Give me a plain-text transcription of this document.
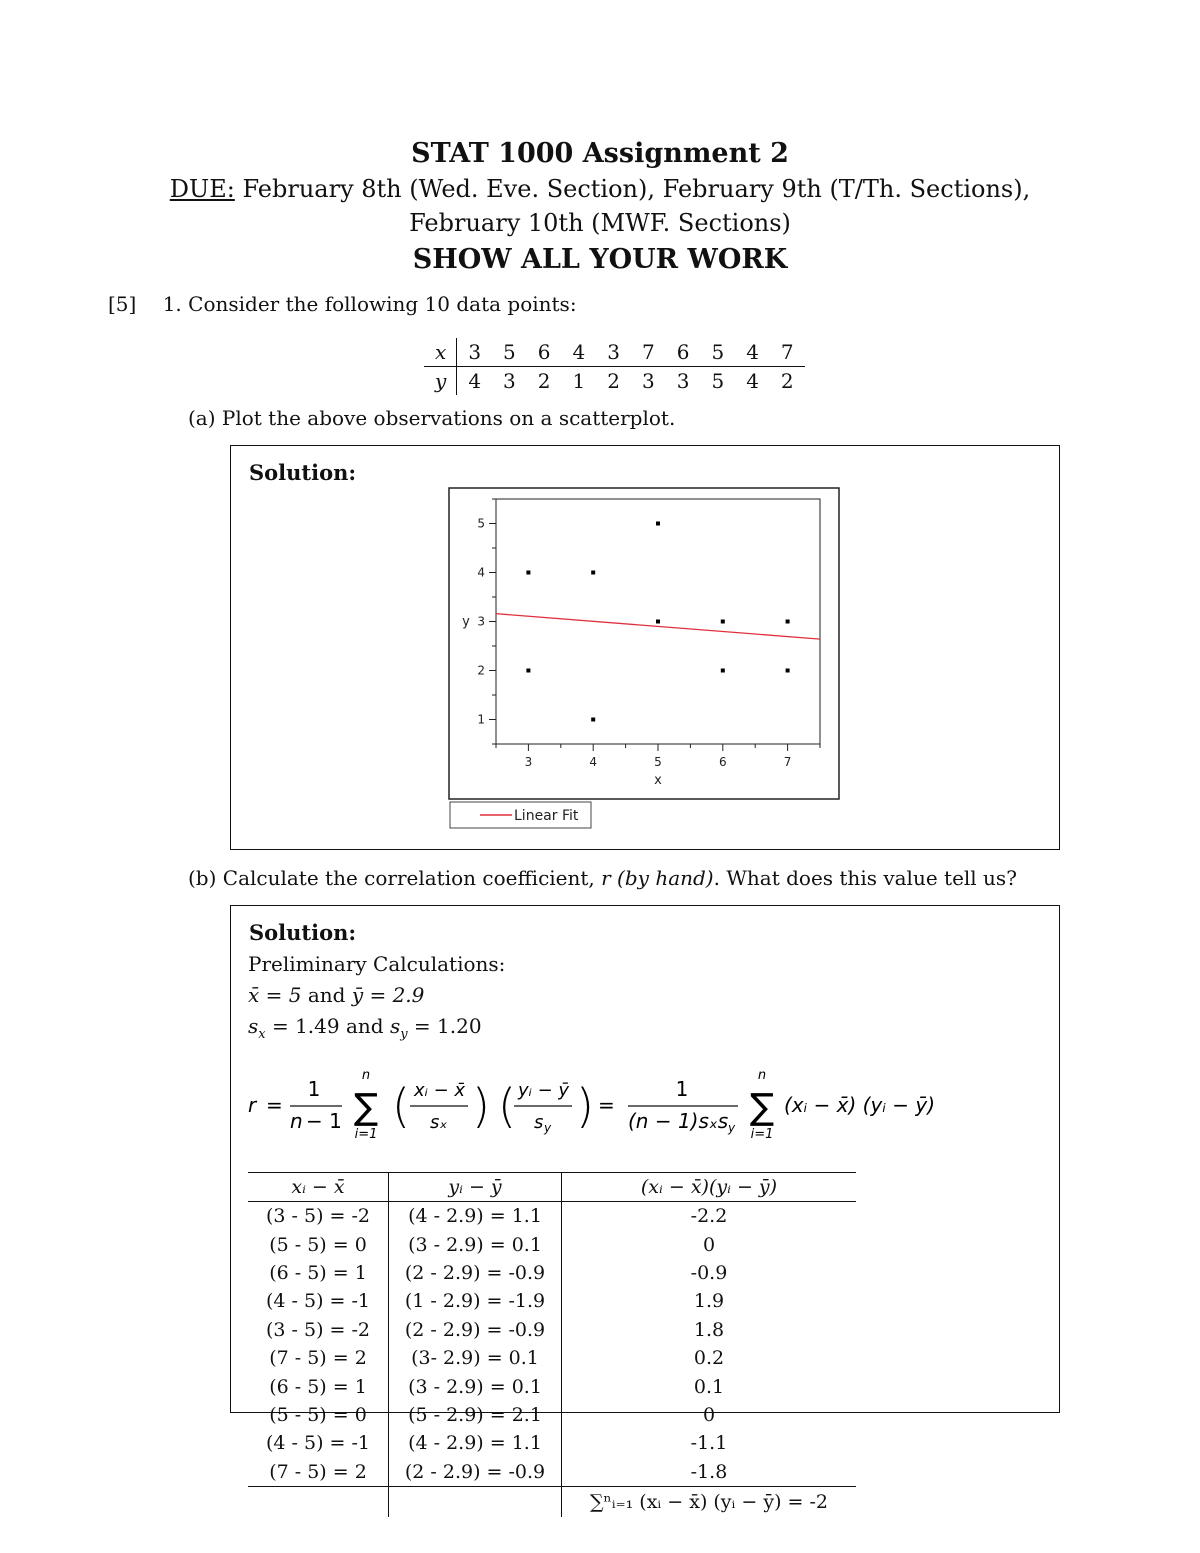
STAT 1000 Assignment 2
DUE: February 8th (Wed. Eve. Section), February 9th (T/Th. Sections),
February 10th (MWF. Sections)
SHOW ALL YOUR WORK
[5] 1. Consider the following 10 data points:
x	3	5	6	4	3	7	6	5	4	7
y	4	3	2	1	2	3	3	5	4	2
(a) Plot the above observations on a scatterplot.
Solution:
1
2
3
4
5
3	4	5	6	7
x
y
Linear Fit
(b) Calculate the correlation coefficient, r (by hand). What does this value tell us?
Solution:
Preliminary Calculations:
x̄ = 5 and ȳ = 2.9
$s_x = 1.49$ and $s_y = 1.20$
r =
1
n − 1
n
∑
i=1
( xᵢ − x̄
sₓ ) ( yᵢ − ȳ
s y ) =
1
(n − 1)sₓs y
n
∑
i=1
(xᵢ − x̄) (yᵢ − ȳ)
xᵢ − x̄	yᵢ − ȳ	(xᵢ − x̄)(yᵢ − ȳ)
(3 - 5) = -2	(4 - 2.9) = 1.1	-2.2
(5 - 5) = 0	(3 - 2.9) = 0.1	0
(6 - 5) = 1	(2 - 2.9) = -0.9	-0.9
(4 - 5) = -1	(1 - 2.9) = -1.9	1.9
(3 - 5) = -2	(2 - 2.9) = -0.9	1.8
(7 - 5) = 2	(3- 2.9) = 0.1	0.2
(6 - 5) = 1	(3 - 2.9) = 0.1	0.1
(5 - 5) = 0	(5 - 2.9) = 2.1	0
(4 - 5) = -1	(4 - 2.9) = 1.1	-1.1
(7 - 5) = 2	(2 - 2.9) = -0.9	-1.8
		∑ⁿᵢ₌₁ (xᵢ − x̄) (yᵢ − ȳ) = -2
